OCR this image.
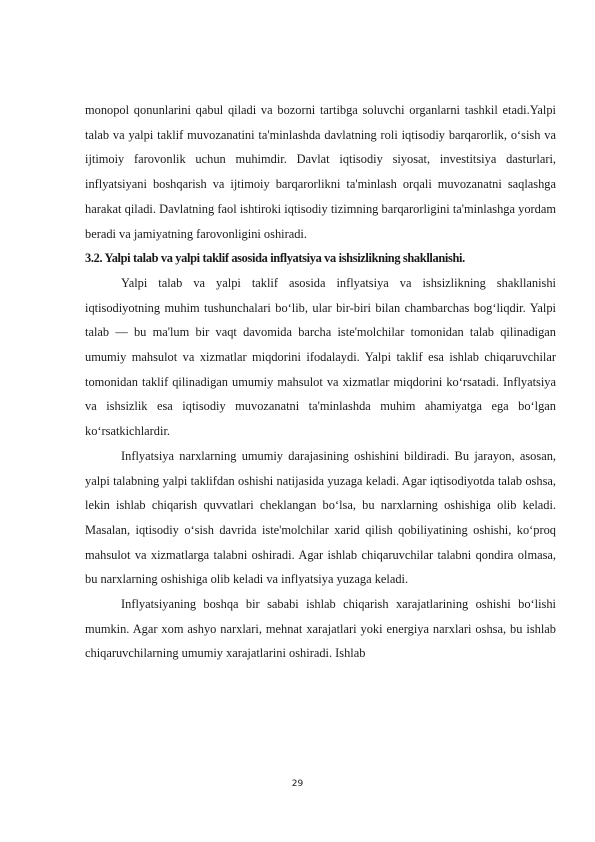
monopol qonunlarini qabul qiladi va bozorni tartibga soluvchi organlarni tashkil etadi.Yalpi talab va yalpi taklif muvozanatini ta'minlashda davlatning roli iqtisodiy barqarorlik, oʻsish va ijtimoiy farovonlik uchun muhimdir. Davlat iqtisodiy siyosat, investitsiya dasturlari, inflyatsiyani boshqarish va ijtimoiy barqarorlikni ta'minlash orqali muvozanatni saqlashga harakat qiladi. Davlatning faol ishtiroki iqtisodiy tizimning barqarorligini ta'minlashga yordam beradi va jamiyatning farovonligini oshiradi.

3.2. Yalpi talab va yalpi taklif asosida inflyatsiya va ishsizlikning shakllanishi.

Yalpi talab va yalpi taklif asosida inflyatsiya va ishsizlikning shakllanishi iqtisodiyotning muhim tushunchalari boʻlib, ular bir-biri bilan chambarchas bogʻliqdir. Yalpi talab — bu ma'lum bir vaqt davomida barcha iste'molchilar tomonidan talab qilinadigan umumiy mahsulot va xizmatlar miqdorini ifodalaydi. Yalpi taklif esa ishlab chiqaruvchilar tomonidan taklif qilinadigan umumiy mahsulot va xizmatlar miqdorini koʻrsatadi. Inflyatsiya va ishsizlik esa iqtisodiy muvozanatni ta'minlashda muhim ahamiyatga ega boʻlgan koʻrsatkichlardir.

Inflyatsiya narxlarning umumiy darajasining oshishini bildiradi. Bu jarayon, asosan, yalpi talabning yalpi taklifdan oshishi natijasida yuzaga keladi. Agar iqtisodiyotda talab oshsa, lekin ishlab chiqarish quvvatlari cheklangan boʻlsa, bu narxlarning oshishiga olib keladi. Masalan, iqtisodiy oʻsish davrida iste'molchilar xarid qilish qobiliyatining oshishi, koʻproq mahsulot va xizmatlarga talabni oshiradi. Agar ishlab chiqaruvchilar talabni qondira olmasa, bu narxlarning oshishiga olib keladi va inflyatsiya yuzaga keladi.

Inflyatsiyaning boshqa bir sababi ishlab chiqarish xarajatlarining oshishi boʻlishi mumkin. Agar xom ashyo narxlari, mehnat xarajatlari yoki energiya narxlari oshsa, bu ishlab chiqaruvchilarning umumiy xarajatlarini oshiradi. Ishlab

29
